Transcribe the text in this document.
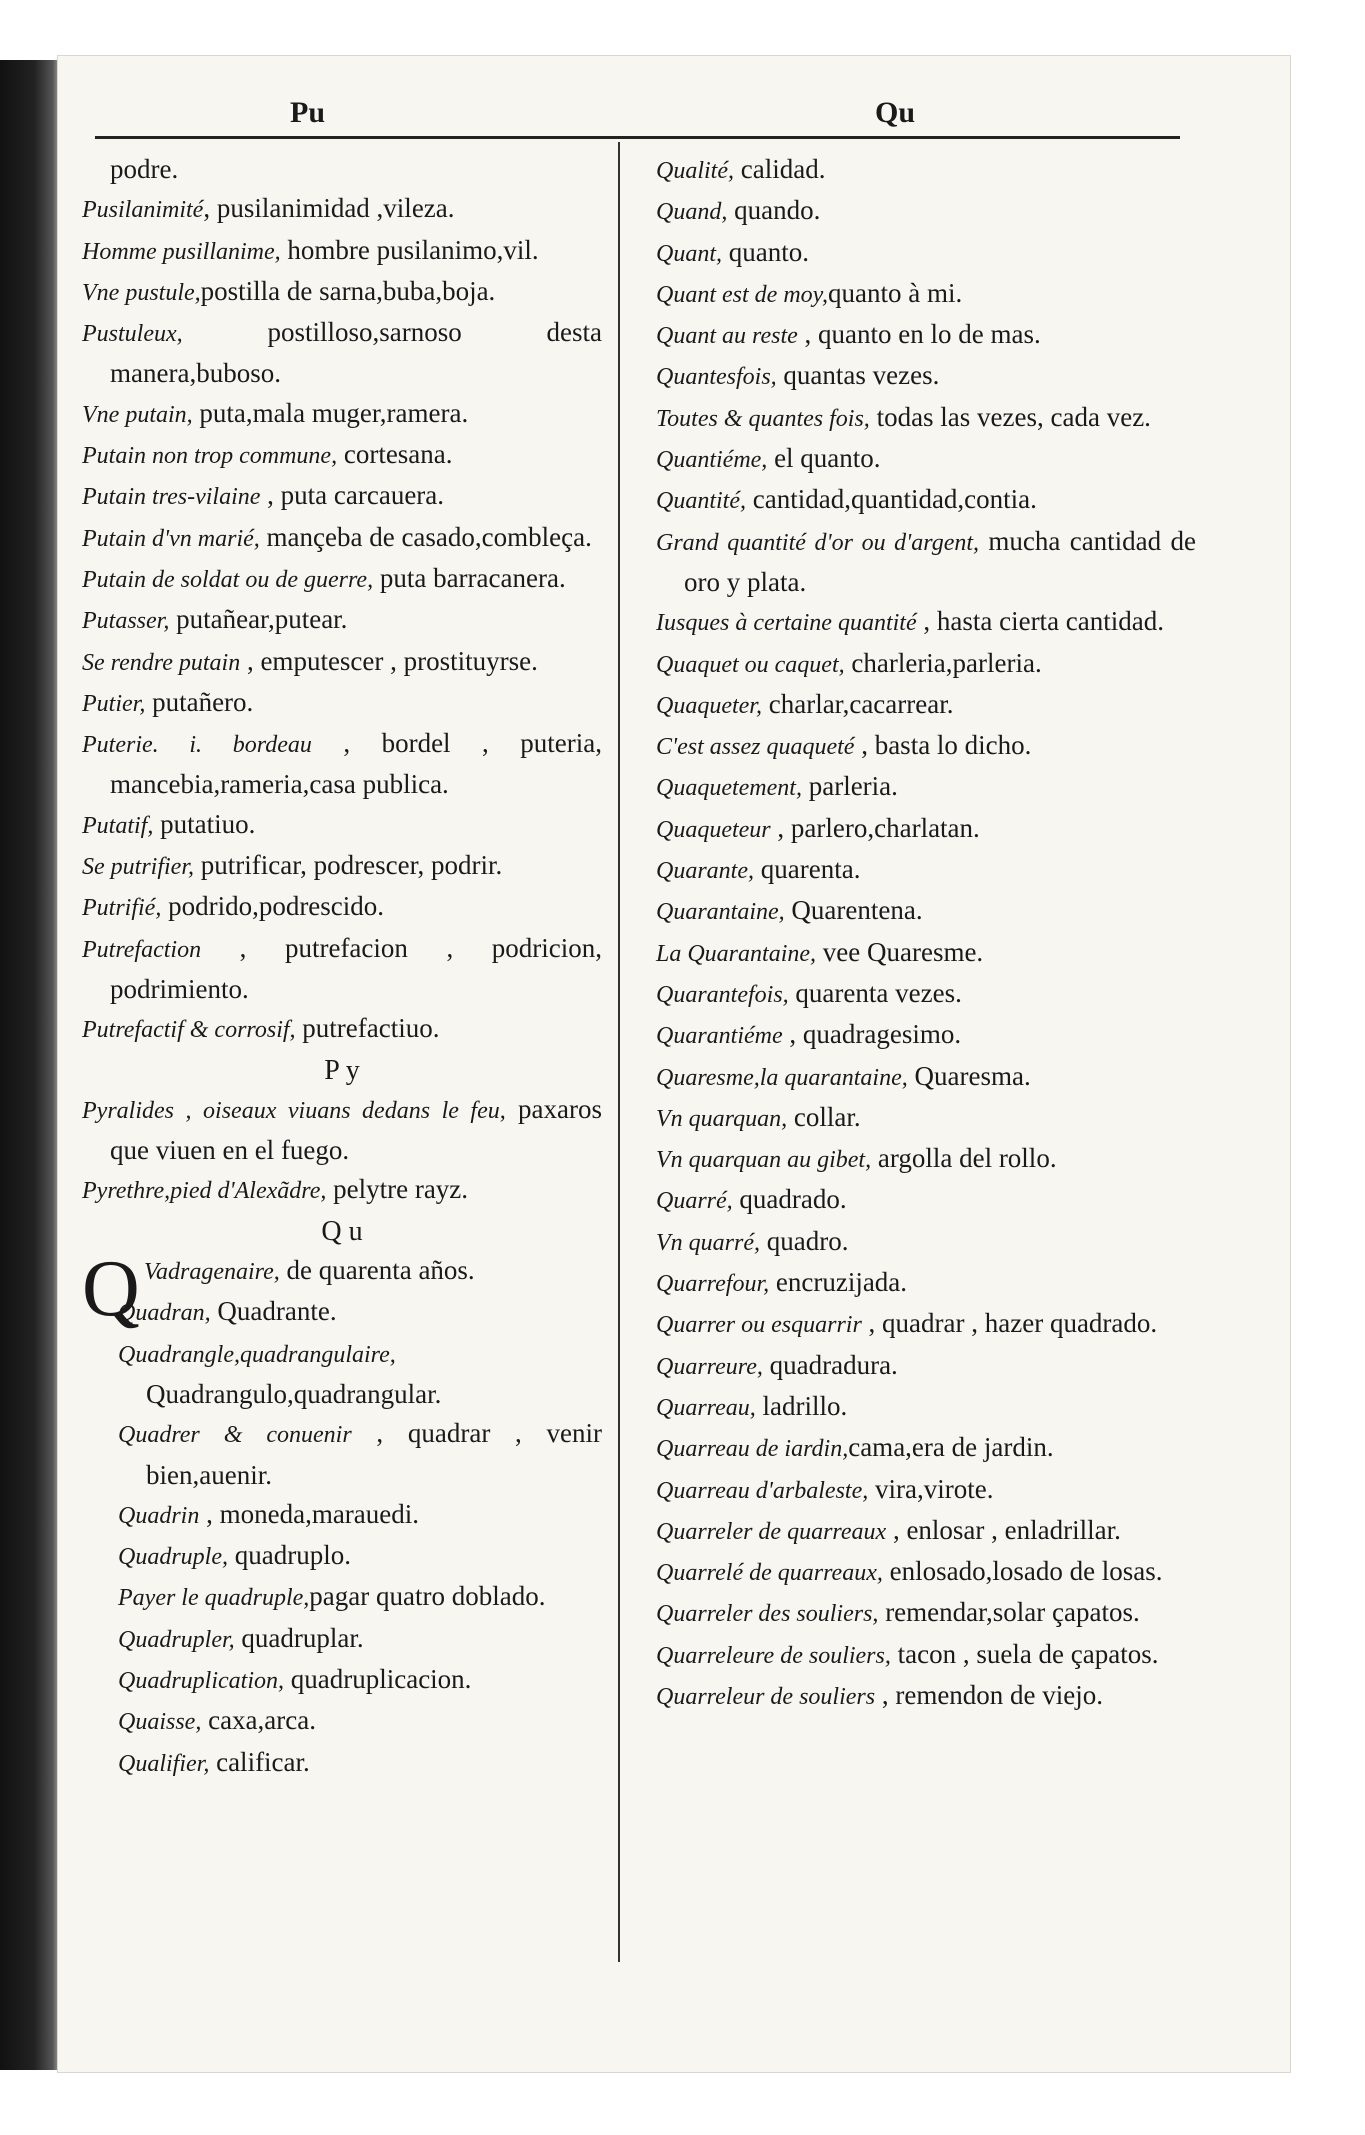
Pu	Qu

podre.

Pusilanimité, pusilanimidad ,vileza.

Homme pusillanime, hombre pusilanimo,vil.

Vne pustule,postilla de sarna,buba,boja.

Pustuleux, postilloso,sarnoso desta manera,buboso.

Vne putain, puta,mala muger,ramera.

Putain non trop commune, cortesana.

Putain tres-vilaine , puta carcauera.

Putain d'vn marié, mançeba de casado,combleça.

Putain de soldat ou de guerre, puta barracanera.

Putasser, putañear,putear.

Se rendre putain , emputescer , prostituyrse.

Putier, putañero.

Puterie. i. bordeau , bordel , puteria, mancebia,rameria,casa publica.

Putatif, putatiuo.

Se putrifier, putrificar, podrescer, podrir.

Putrifié, podrido,podrescido.

Putrefaction , putrefacion , podricion, podrimiento.

Putrefactif & corrosif, putrefactiuo.

P y

Pyralides , oiseaux viuans dedans le feu, paxaros que viuen en el fuego.

Pyrethre,pied d'Alexãdre, pelytre rayz.

Q u

Q Vadragenaire, de quarenta años.

Quadran, Quadrante.

Quadrangle,quadrangulaire, Quadrangulo,quadrangular.

Quadrer & conuenir , quadrar , venir bien,auenir.

Quadrin , moneda,marauedi.

Quadruple, quadruplo.

Payer le quadruple,pagar quatro doblado.

Quadrupler, quadruplar.

Quadruplication, quadruplicacion.

Quaisse, caxa,arca.

Qualifier, calificar.

Qualité, calidad.

Quand, quando.

Quant, quanto.

Quant est de moy,quanto à mi.

Quant au reste , quanto en lo de mas.

Quantesfois, quantas vezes.

Toutes & quantes fois, todas las vezes, cada vez.

Quantiéme, el quanto.

Quantité, cantidad,quantidad,contia.

Grand quantité d'or ou d'argent, mucha cantidad de oro y plata.

Iusques à certaine quantité , hasta cierta cantidad.

Quaquet ou caquet, charleria,parleria.

Quaqueter, charlar,cacarrear.

C'est assez quaqueté , basta lo dicho.

Quaquetement, parleria.

Quaqueteur , parlero,charlatan.

Quarante, quarenta.

Quarantaine, Quarentena.

La Quarantaine, vee Quaresme.

Quarantefois, quarenta vezes.

Quarantiéme , quadragesimo.

Quaresme,la quarantaine, Quaresma.

Vn quarquan, collar.

Vn quarquan au gibet, argolla del rollo.

Quarré, quadrado.

Vn quarré, quadro.

Quarrefour, encruzijada.

Quarrer ou esquarrir , quadrar , hazer quadrado.

Quarreure, quadradura.

Quarreau, ladrillo.

Quarreau de iardin,cama,era de jardin.

Quarreau d'arbaleste, vira,virote.

Quarreler de quarreaux , enlosar , enladrillar.

Quarrelé de quarreaux, enlosado,losado de losas.

Quarreler des souliers, remendar,solar çapatos.

Quarreleure de souliers, tacon , suela de çapatos.

Quarreleur de souliers , remendon de viejo.
